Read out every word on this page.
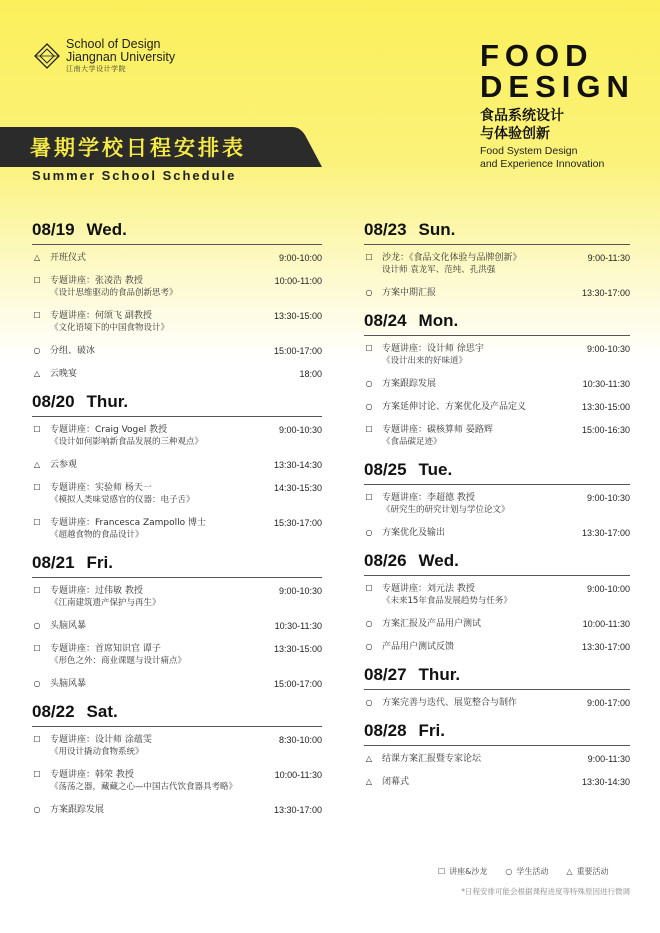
School of Design
Jiangnan University
江南大学设计学院	FOOD
DESIGN
食品系统设计
与体验创新
Food System Design
and Experience Innovation
暑期学校日程安排表
Summer School Schedule
08/19 Wed.
△ 开班仪式	9:00-10:00
☐ 专题讲座：张凌浩 教授
《设计思维驱动的食品创新思考》
10:00-11:00
☐ 专题讲座：何颂飞 副教授
《文化语境下的中国食物设计》
13:30-15:00
○ 分组、破冰	15:00-17:00
△ 云晚宴	18:00
08/20 Thur.
☐ 专题讲座：Craig Vogel 教授
《设计如何影响新食品发展的三种观点》
9:00-10:30
△ 云参观	13:30-14:30
☐ 专题讲座：实验师 杨天一
《模拟人类味觉感官的仪器：电子舌》
14:30-15:30
☐ 专题讲座：Francesca Zampollo 博士
《超越食物的食品设计》
15:30-17:00
08/21 Fri.
☐ 专题讲座：过伟敏 教授
《江南建筑遗产保护与再生》
9:00-10:30
○ 头脑风暴	10:30-11:30
☐ 专题讲座：首席知识官 谭子
《形色之外：商业课题与设计痛点》
13:30-15:00
○ 头脑风暴	15:00-17:00
08/22 Sat.
☐ 专题讲座：设计师 涂蕴雯
《用设计撬动食物系统》
8:30-10:00
☐ 专题讲座：韩荣 教授
《荡荡之器，藏藏之心—中国古代饮食器具考略》
10:00-11:30
○ 方案跟踪发展	13:30-17:00
08/23 Sun.
☐ 沙龙：《食品文化体验与品牌创新》
设计师 袁龙军、范纯、孔洪强
9:00-11:30
○ 方案中期汇报	13:30-17:00
08/24 Mon.
☐ 专题讲座：设计师 徐思宇
《设计出来的好味道》
9:00-10:30
○ 方案跟踪发展	10:30-11:30
○ 方案延伸讨论、方案优化及产品定义	13:30-15:00
☐ 专题讲座：碳核算师 晏路辉
《食品碳足迹》
15:00-16:30
08/25 Tue.
☐ 专题讲座：李超德 教授
《研究生的研究计划与学位论文》
9:00-10:30
○ 方案优化及输出	13:30-17:00
08/26 Wed.
☐ 专题讲座：刘元法 教授
《未来15年食品发展趋势与任务》
9:00-10:00
○ 方案汇报及产品用户测试	10:00-11:30
○ 产品用户测试反馈	13:30-17:00
08/27 Thur.
○ 方案完善与迭代、展览整合与制作	9:00-17:00
08/28 Fri.
△ 结课方案汇报暨专家论坛	9:00-11:30
△ 闭幕式	13:30-14:30
☐ 讲座&沙龙 ○ 学生活动 △ 重要活动
*日程安排可能会根据课程进度等特殊原因进行微调
